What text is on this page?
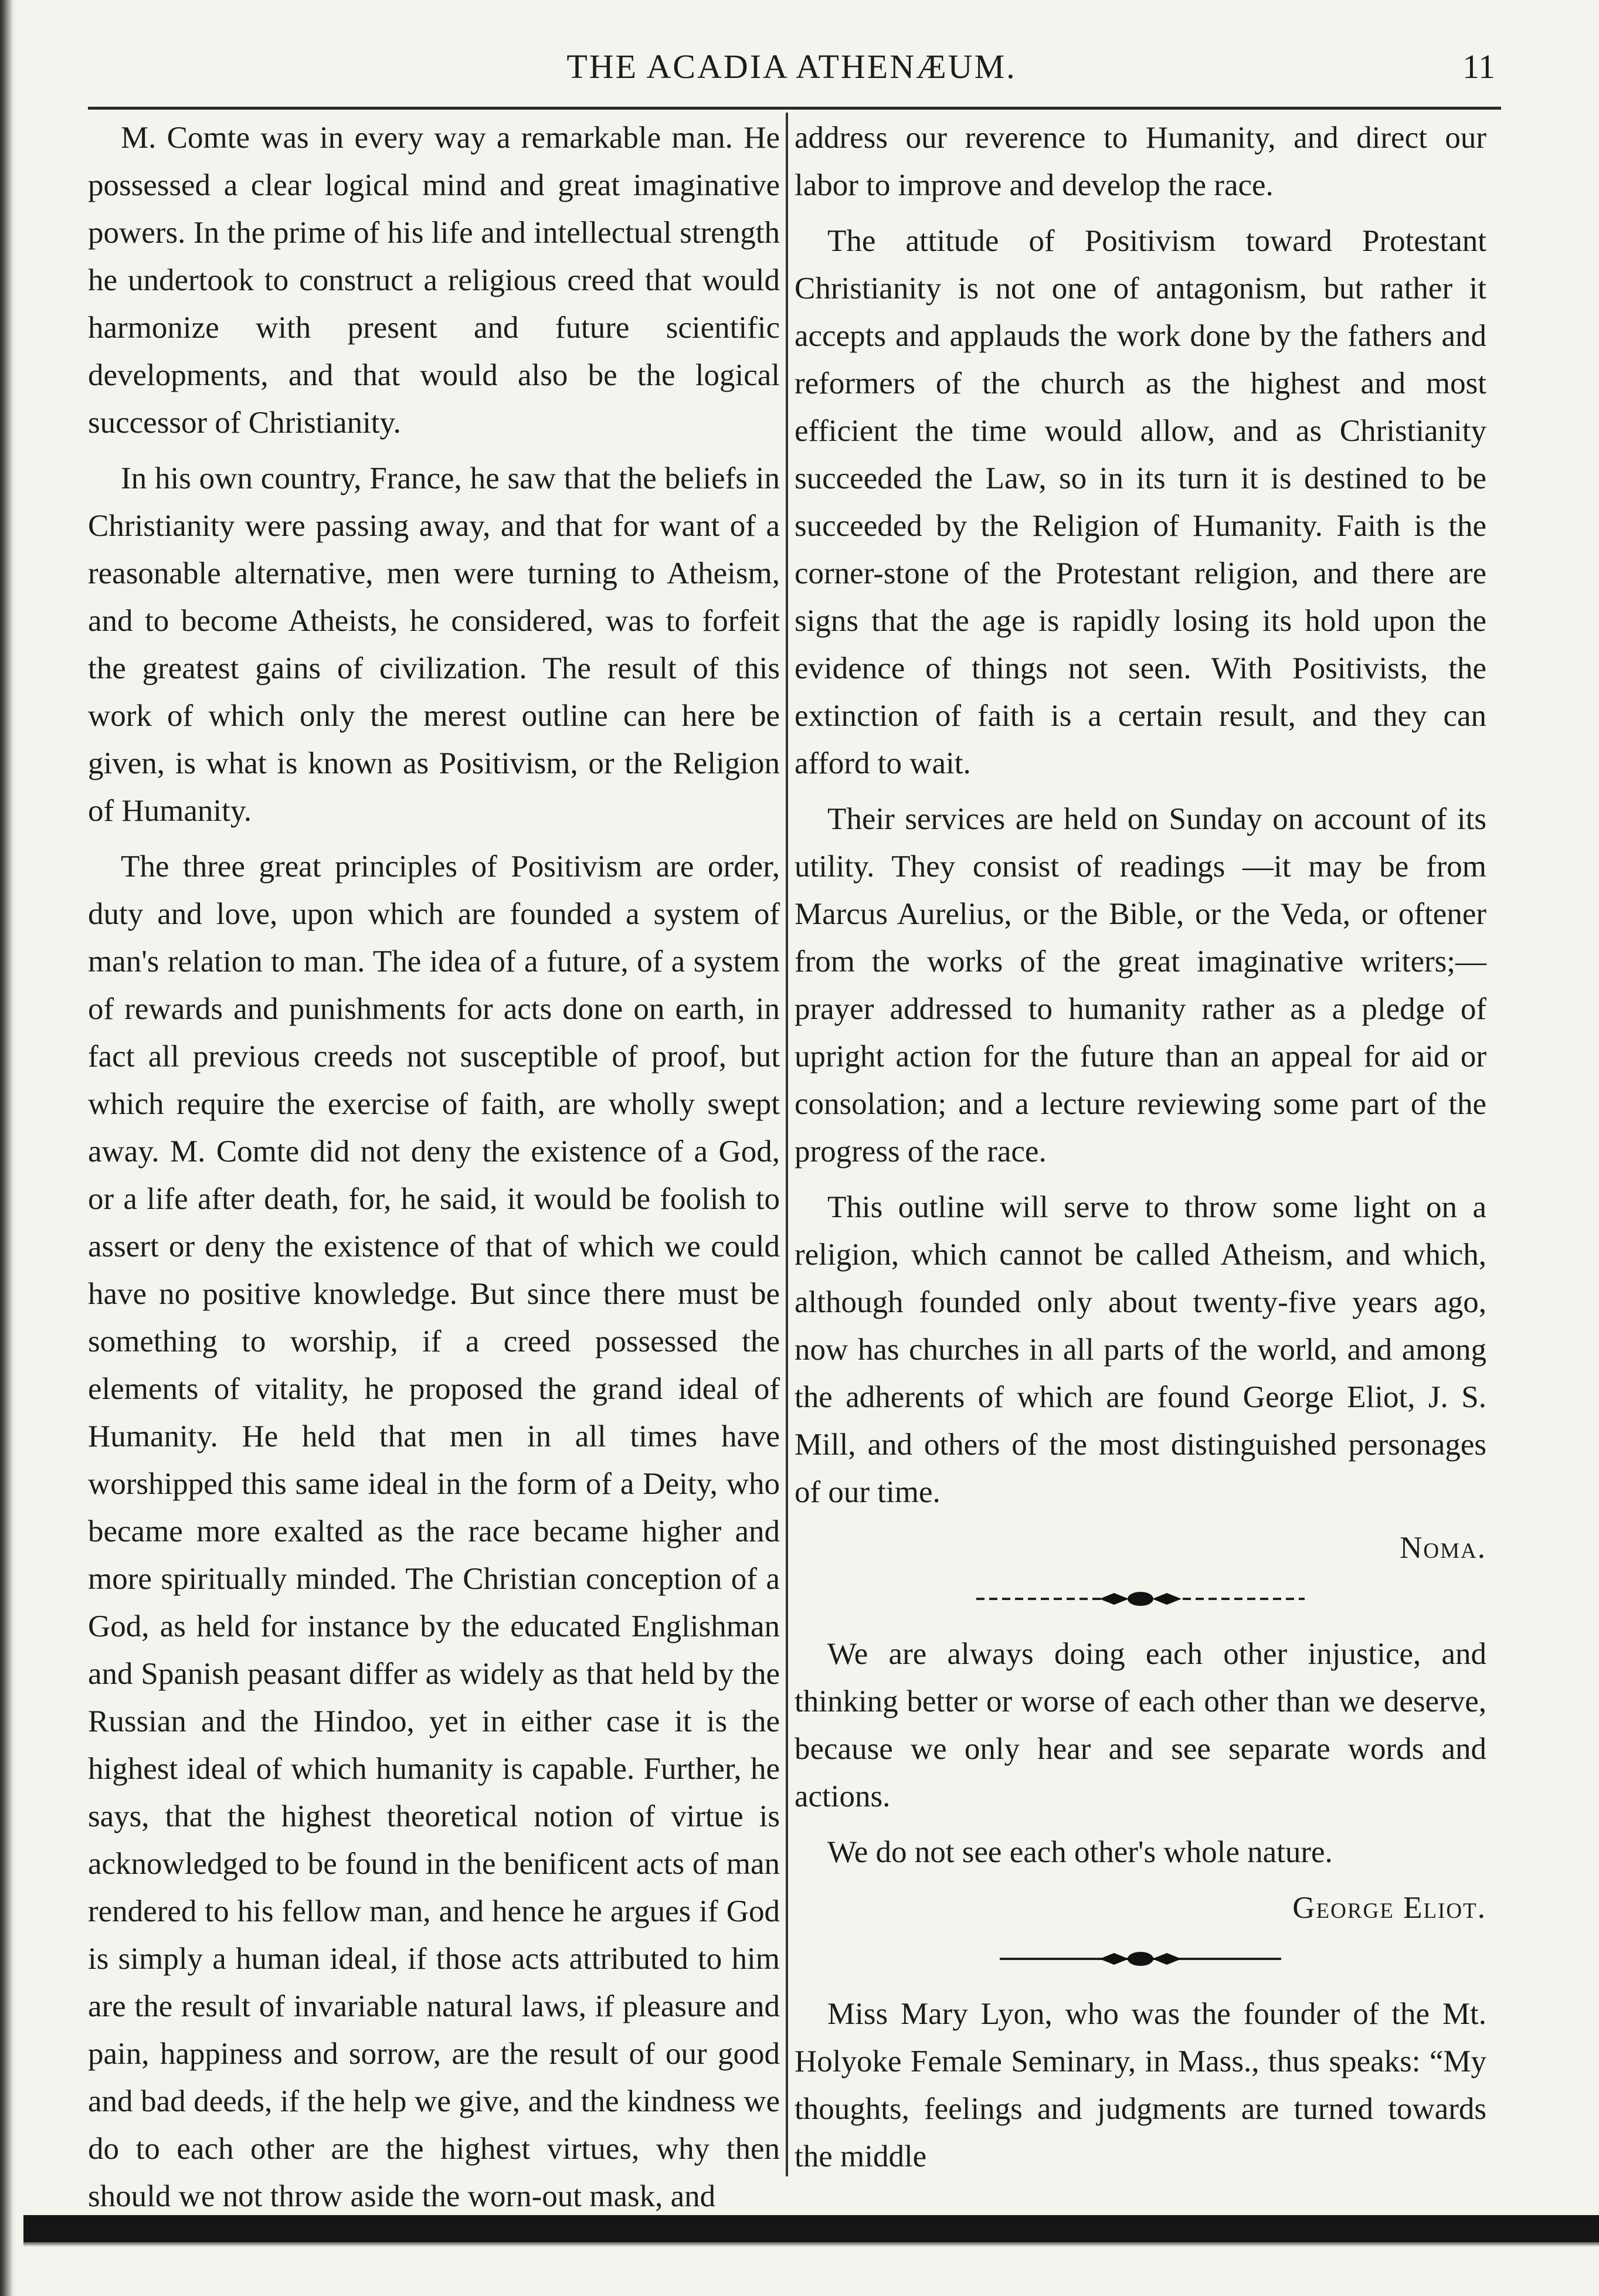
THE ACADIA ATHENÆUM.	11

M. Comte was in every way a remarkable man. He possessed a clear logical mind and great imaginative powers. In the prime of his life and intellectual strength he undertook to construct a religious creed that would harmonize with present and future scientific developments, and that would also be the logical successor of Christianity.

In his own country, France, he saw that the beliefs in Christianity were passing away, and that for want of a reasonable alternative, men were turning to Atheism, and to become Atheists, he considered, was to forfeit the greatest gains of civilization. The result of this work of which only the merest outline can here be given, is what is known as Positivism, or the Religion of Humanity.

The three great principles of Positivism are order, duty and love, upon which are founded a system of man's relation to man. The idea of a future, of a system of rewards and punishments for acts done on earth, in fact all previous creeds not susceptible of proof, but which require the exercise of faith, are wholly swept away. M. Comte did not deny the existence of a God, or a life after death, for, he said, it would be foolish to assert or deny the existence of that of which we could have no positive knowledge. But since there must be something to worship, if a creed possessed the elements of vitality, he proposed the grand ideal of Humanity. He held that men in all times have worshipped this same ideal in the form of a Deity, who became more exalted as the race became higher and more spiritually minded. The Christian conception of a God, as held for instance by the educated Englishman and Spanish peasant differ as widely as that held by the Russian and the Hindoo, yet in either case it is the highest ideal of which humanity is capable. Further, he says, that the highest theoretical notion of virtue is acknowledged to be found in the benificent acts of man rendered to his fellow man, and hence he argues if God is simply a human ideal, if those acts attributed to him are the result of invariable natural laws, if pleasure and pain, happiness and sorrow, are the result of our good and bad deeds, if the help we give, and the kindness we do to each other are the highest virtues, why then should we not throw aside the worn-out mask, and

address our reverence to Humanity, and direct our labor to improve and develop the race.

The attitude of Positivism toward Protestant Christianity is not one of antagonism, but rather it accepts and applauds the work done by the fathers and reformers of the church as the highest and most efficient the time would allow, and as Christianity succeeded the Law, so in its turn it is destined to be succeeded by the Religion of Humanity. Faith is the corner-stone of the Protestant religion, and there are signs that the age is rapidly losing its hold upon the evidence of things not seen. With Positivists, the extinction of faith is a certain result, and they can afford to wait.

Their services are held on Sunday on account of its utility. They consist of readings —it may be from Marcus Aurelius, or the Bible, or the Veda, or oftener from the works of the great imaginative writers;—prayer addressed to humanity rather as a pledge of upright action for the future than an appeal for aid or consolation; and a lecture reviewing some part of the progress of the race.

This outline will serve to throw some light on a religion, which cannot be called Atheism, and which, although founded only about twenty-five years ago, now has churches in all parts of the world, and among the adherents of which are found George Eliot, J. S. Mill, and others of the most distinguished personages of our time.

Noma.

We are always doing each other injustice, and thinking better or worse of each other than we deserve, because we only hear and see separate words and actions.

We do not see each other's whole nature.

George Eliot.

Miss Mary Lyon, who was the founder of the Mt. Holyoke Female Seminary, in Mass., thus speaks: “My thoughts, feelings and judgments are turned towards the middle
